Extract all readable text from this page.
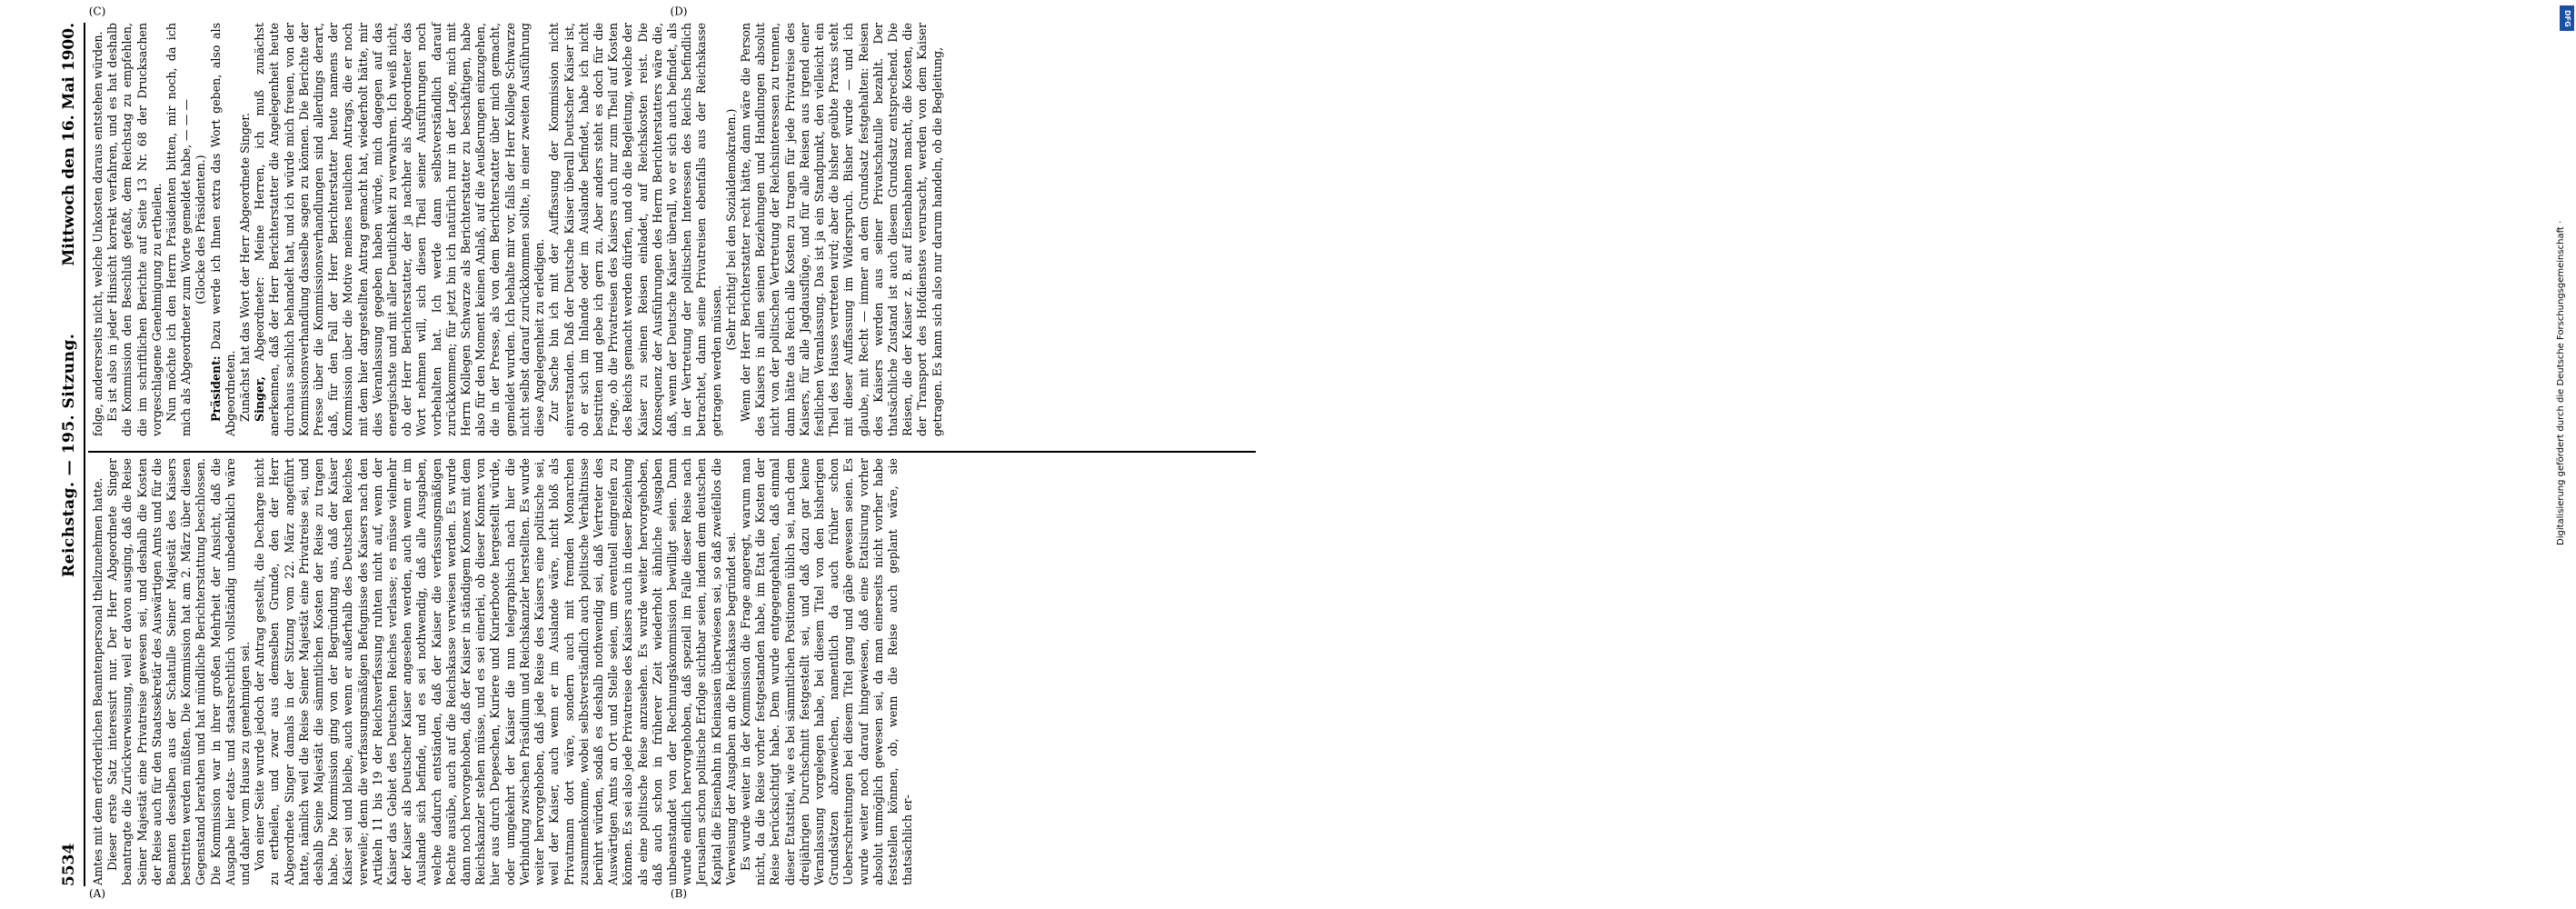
DFG
Digitalisierung gefördert durch die Deutsche Forschungsgemeinschaft ·
5534
Reichstag. — 195. Sitzung.
Mittwoch den 16. Mai 1900.
(A)	(B)
(C)	(D)

Amtes mit dem erforderlichen Beamtenpersonal theilzunehmen hatte. Dieser erste Satz interessirt nur. Der Herr Abgeordnete Singer beantragte die Zurückverweisung, weil er davon ausging, daß die Reise Seiner Majestät eine Privatreise gewesen sei, und deshalb die Kosten der Reise auch für den Staatssekretär des Auswärtigen Amts und für die Beamten desselben aus der Schatulle Seiner Majestät des Kaisers bestritten werden müßten. Die Kommission hat am 2. März über diesen Gegenstand berathen und hat mündliche Berichterstattung beschlossen. Die Kommission war in ihrer großen Mehrheit der Ansicht, daß die Ausgabe hier etats- und staatsrechtlich vollständig unbedenklich wäre und daher vom Hause zu genehmigen sei. Von einer Seite wurde jedoch der Antrag gestellt, die Decharge nicht zu ertheilen, und zwar aus demselben Grunde, den der Herr Abgeordnete Singer damals in der Sitzung vom 22. März angeführt hatte, nämlich weil die Reise Seiner Majestät eine Privatreise sei, und deshalb Seine Majestät die sämmtlichen Kosten der Reise zu tragen habe. Die Kommission ging von der Begründung aus, daß der Kaiser Kaiser sei und bleibe, auch wenn er außerhalb des Deutschen Reiches verweile; denn die verfassungsmäßigen Befugnisse des Kaisers nach den Artikeln 11 bis 19 der Reichsverfassung ruhten nicht auf, wenn der Kaiser das Gebiet des Deutschen Reiches verlasse; es müsse vielmehr der Kaiser als Deutscher Kaiser angesehen werden, auch wenn er im Auslande sich befinde, und es sei nothwendig, daß alle Ausgaben, welche dadurch entständen, daß der Kaiser die verfassungsmäßigen Rechte ausübe, auch auf die Reichskasse verwiesen werden. Es wurde dann noch hervorgehoben, daß der Kaiser in ständigem Konnex mit dem Reichskanzler stehen müsse, und es sei einerlei, ob dieser Konnex von hier aus durch Depeschen, Kuriere und Kurierboote hergestellt würde, oder umgekehrt der Kaiser die nun telegraphisch nach hier die Verbindung zwischen Präsidium und Reichskanzler herstellten. Es wurde weiter hervorgehoben, daß jede Reise des Kaisers eine politische sei, weil der Kaiser, auch wenn er im Auslande wäre, nicht bloß als Privatmann dort wäre, sondern auch mit fremden Monarchen zusammenkomme, wobei selbstverständlich auch politische Verhältnisse berührt würden, sodaß es deshalb nothwendig sei, daß Vertreter des Auswärtigen Amts an Ort und Stelle seien, um eventuell eingreifen zu können. Es sei also jede Privatreise des Kaisers auch in dieser Beziehung als eine politische Reise anzusehen. Es wurde weiter hervorgehoben, daß auch schon in früherer Zeit wiederholt ähnliche Ausgaben unbeanstandet von der Rechnungskommission bewilligt seien. Dann wurde endlich hervorgehoben, daß speziell im Falle dieser Reise nach Jerusalem schon politische Erfolge sichtbar seien, indem dem deutschen Kapital die Eisenbahn in Kleinasien überwiesen sei, so daß zweifellos die Verweisung der Ausgaben an die Reichskasse begründet sei. Es wurde weiter in der Kommission die Frage angeregt, warum man nicht, da die Reise vorher festgestanden habe, im Etat die Kosten der Reise berücksichtigt habe. Dem wurde entgegengehalten, daß einmal dieser Etatstitel, wie es bei sämmtlichen Positionen üblich sei, nach dem dreijährigen Durchschnitt festgestellt sei, und daß dazu gar keine Veranlassung vorgelegen habe, bei diesem Titel von den bisherigen Grundsätzen abzuweichen, namentlich da auch früher schon Ueberschreitungen bei diesem Titel gang und gäbe gewesen seien. Es wurde weiter noch darauf hingewiesen, daß eine Etatisirung vorher absolut unmöglich gewesen sei, da man einerseits nicht vorher habe feststellen können, ob, wenn die Reise auch geplant wäre, sie thatsächlich er-

folge, andererseits nicht, welche Unkosten daraus entstehen würden. Es ist also in jeder Hinsicht korrekt verfahren, und es hat deshalb die Kommission den Beschluß gefaßt, dem Reichstag zu empfehlen, die im schriftlichen Berichte auf Seite 13 Nr. 68 der Drucksachen vorgeschlagene Genehmigung zu ertheilen. Nun möchte ich den Herrn Präsidenten bitten, mir noch, da ich mich als Abgeordneter zum Worte gemeldet habe, — — — (Glocke des Präsidenten.)

Präsident: Dazu werde ich Ihnen extra das Wort geben, also als Abgeordneten. Zunächst hat das Wort der Herr Abgeordnete Singer. Singer, Abgeordneter: Meine Herren, ich muß zunächst anerkennen, daß der Herr Berichterstatter die Angelegenheit heute durchaus sachlich behandelt hat, und ich würde mich freuen, von der Kommissionsverhandlung dasselbe sagen zu können. Die Berichte der Presse über die Kommissionsverhandlungen sind allerdings derart, daß, für den Fall der Herr Berichterstatter heute namens der Kommission über die Motive meines neulichen Antrags, die er noch mit dem hier dargestellten Antrag gemacht hat, wiederholt hätte, mir dies Veranlassung gegeben haben würde, mich dagegen auf das energischste und mit aller Deutlichkeit zu verwahren. Ich weiß nicht, ob der Herr Berichterstatter, der ja nachher als Abgeordneter das Wort nehmen will, sich diesen Theil seiner Ausführungen noch vorbehalten hat. Ich werde dann selbstverständlich darauf zurückkommen; für jetzt bin ich natürlich nur in der Lage, mich mit Herrn Kollegen Schwarze als Berichterstatter zu beschäftigen, habe also für den Moment keinen Anlaß, auf die Aeußerungen einzugehen, die in der Presse, als von dem Berichterstatter über mich gemacht, gemeldet wurden. Ich behalte mir vor, falls der Herr Kollege Schwarze nicht selbst darauf zurückkommen sollte, in einer zweiten Ausführung diese Angelegenheit zu erledigen. Zur Sache bin ich mit der Auffassung der Kommission nicht einverstanden. Daß der Deutsche Kaiser überall Deutscher Kaiser ist, ob er sich im Inlande oder im Auslande befindet, habe ich nicht bestritten und gebe ich gern zu. Aber anders steht es doch für die Frage, ob die Privatreisen des Kaisers auch nur zum Theil auf Kosten des Reichs gemacht werden dürfen, und ob die Begleitung, welche der Kaiser zu seinen Reisen einladet, auf Reichskosten reist. Die Konsequenz der Ausführungen des Herrn Berichterstatters wäre die, daß, wenn der Deutsche Kaiser überall, wo er sich auch befindet, als in der Vertretung der politischen Interessen des Reichs befindlich betrachtet, dann seine Privatreisen ebenfalls aus der Reichskasse getragen werden müssen.

(Sehr richtig! bei den Sozialdemokraten.) Wenn der Herr Berichterstatter recht hätte, dann wäre die Person des Kaisers in allen seinen Beziehungen und Handlungen absolut nicht von der politischen Vertretung der Reichsinteressen zu trennen, dann hätte das Reich alle Kosten zu tragen für jede Privatreise des Kaisers, für alle Jagdausflüge, und für alle Reisen aus irgend einer festlichen Veranlassung. Das ist ja ein Standpunkt, den vielleicht ein Theil des Hauses vertreten wird; aber die bisher geübte Praxis steht mit dieser Auffassung im Widerspruch. Bisher wurde — und ich glaube, mit Recht — immer an dem Grundsatz festgehalten: Reisen des Kaisers werden aus seiner Privatschatulle bezahlt. Der thatsächliche Zustand ist auch diesem Grundsatz entsprechend. Die Reisen, die der Kaiser z. B. auf Eisenbahnen macht, die Kosten, die der Transport des Hofdienstes verursacht, werden von dem Kaiser getragen. Es kann sich also nur darum handeln, ob die Begleitung,
